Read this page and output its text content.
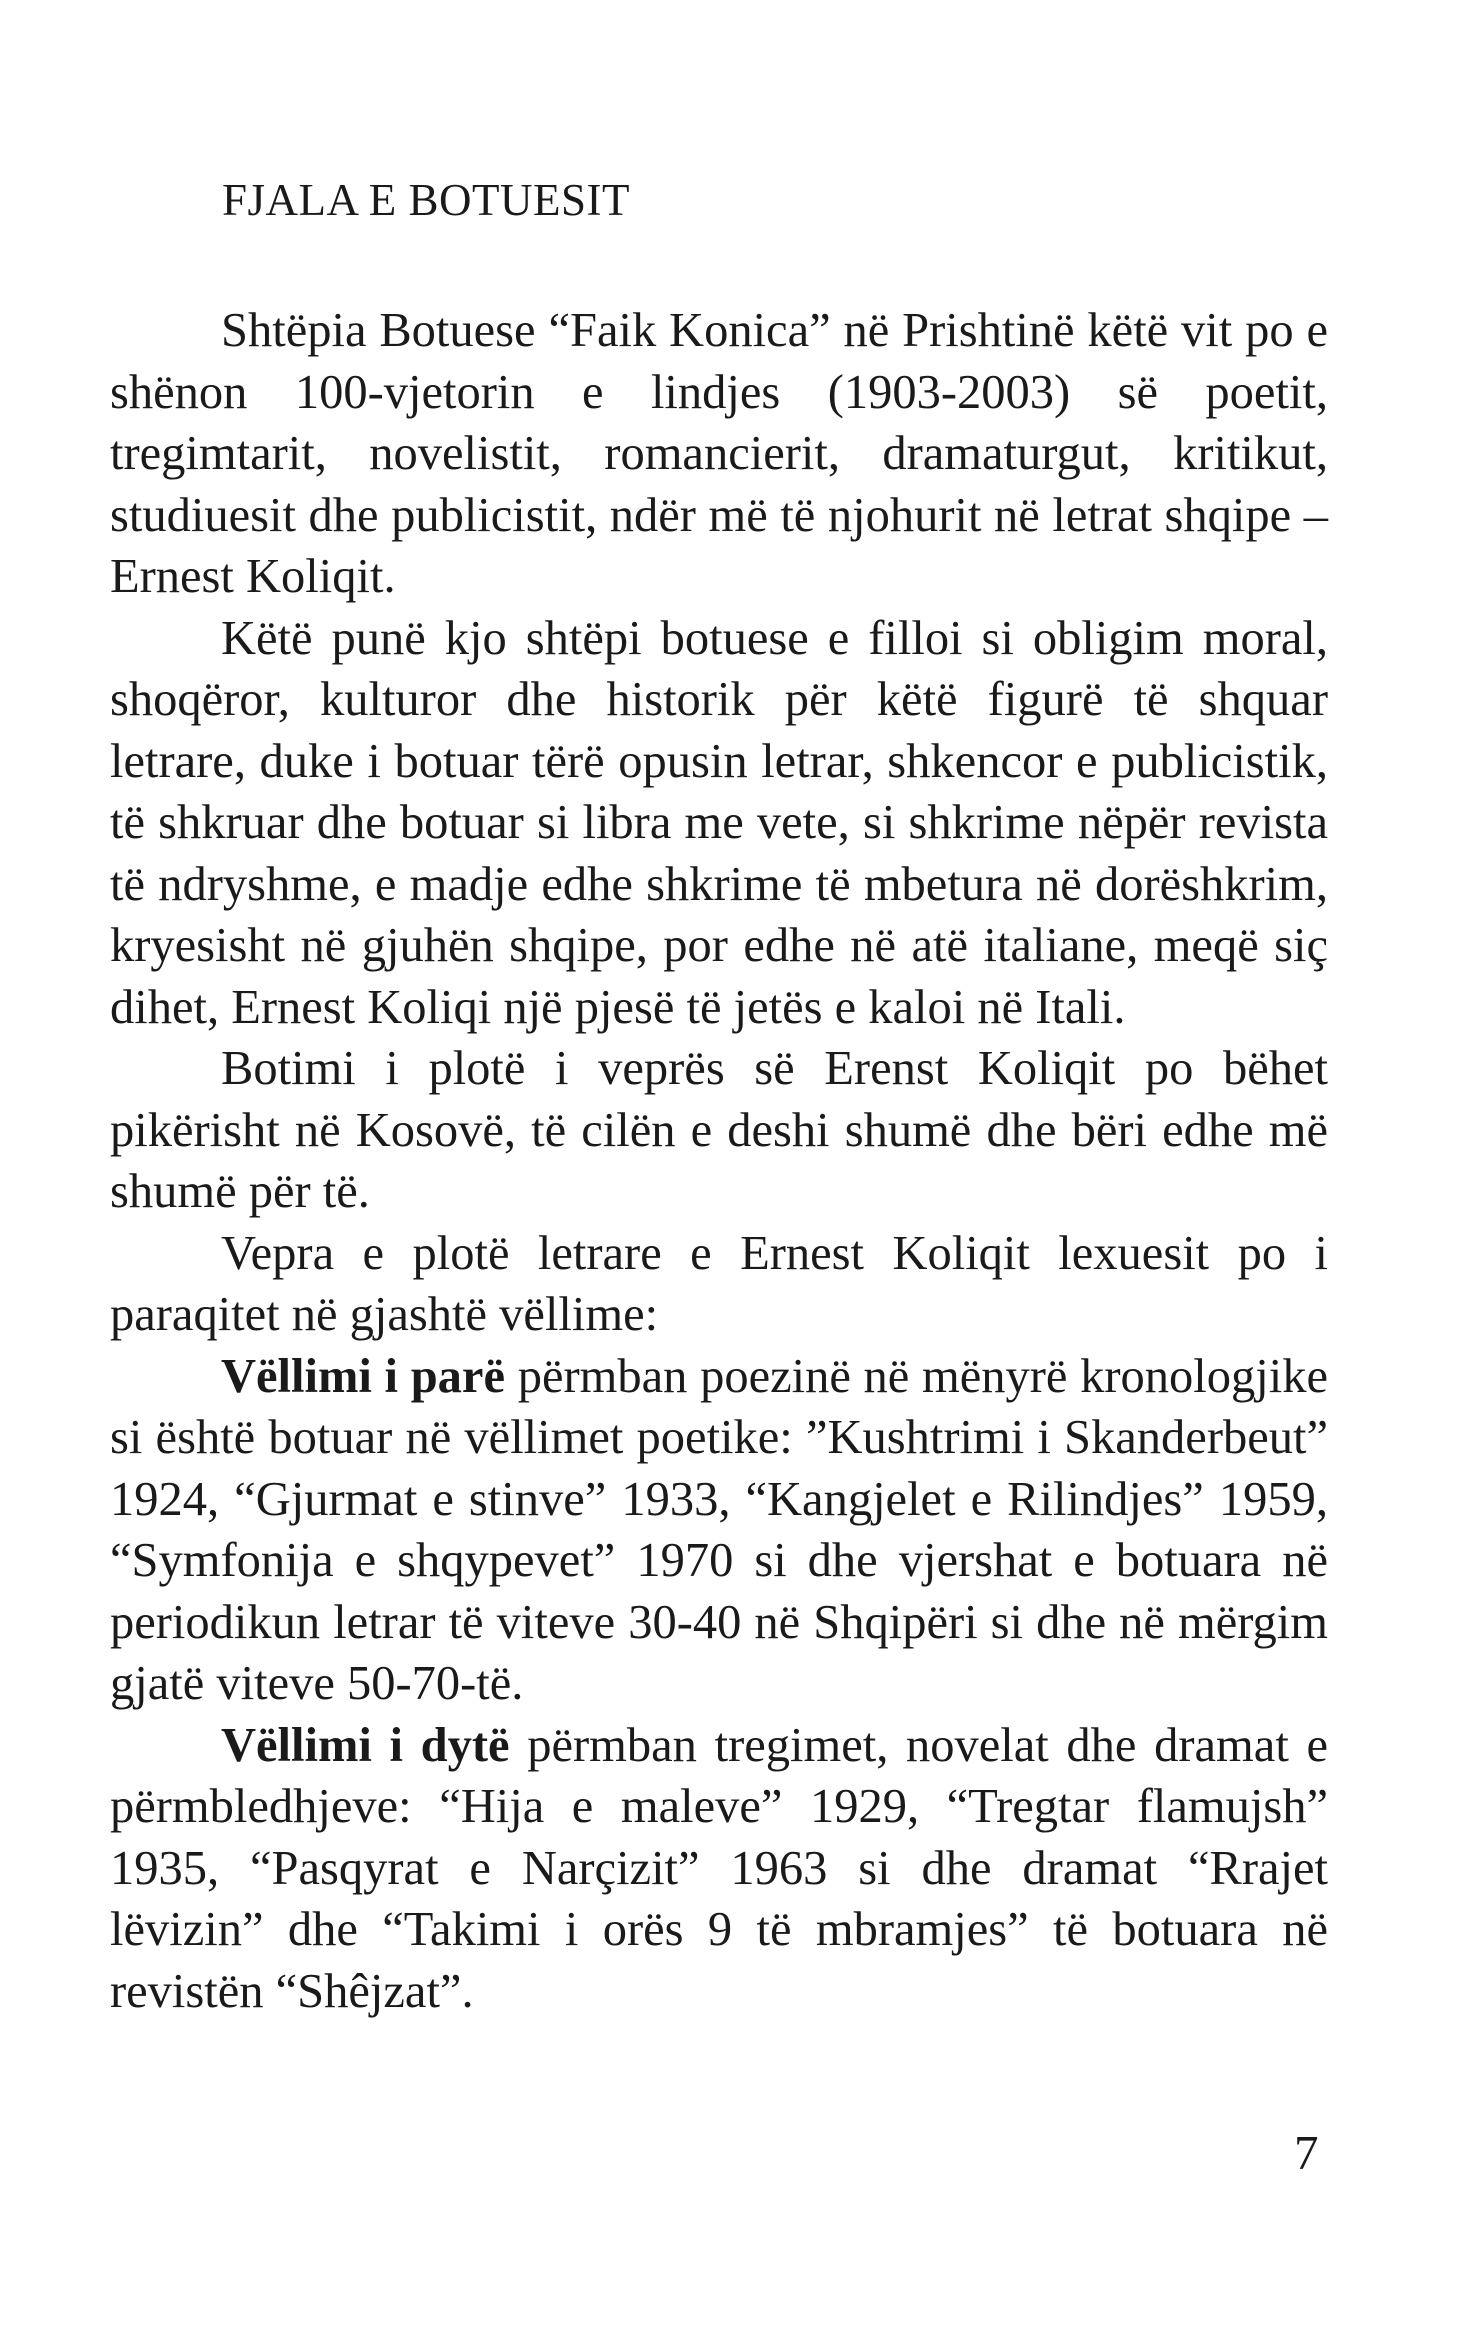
FJALA E BOTUESIT

Shtëpia Botuese “Faik Konica” në Prishtinë këtë vit po e shënon 100-vjetorin e lindjes (1903-2003) së poetit, tregimtarit, novelistit, romancierit, dramaturgut, kritikut, studiuesit dhe publicistit, ndër më të njohurit në letrat shqipe – Ernest Koliqit.

Këtë punë kjo shtëpi botuese e filloi si obligim moral, shoqëror, kulturor dhe historik për këtë figurë të shquar letrare, duke i botuar tërë opusin letrar, shkencor e publicistik, të shkruar dhe botuar si libra me vete, si shkrime nëpër revista të ndryshme, e madje edhe shkrime të mbetura në dorëshkrim, kryesisht në gjuhën shqipe, por edhe në atë italiane, meqë siç dihet, Ernest Koliqi një pjesë të jetës e kaloi në Itali.

Botimi i plotë i veprës së Erenst Koliqit po bëhet pikërisht në Kosovë, të cilën e deshi shumë dhe bëri edhe më shumë për të.

Vepra e plotë letrare e Ernest Koliqit lexuesit po i paraqitet në gjashtë vëllime:

Vëllimi i parë përmban poezinë në mënyrë kronologjike si është botuar në vëllimet poetike: ”Kushtrimi i Skanderbeut” 1924, “Gjurmat e stinve” 1933, “Kangjelet e Rilindjes” 1959, “Symfonija e shqypevet” 1970 si dhe vjershat e botuara në periodikun letrar të viteve 30-40 në Shqipëri si dhe në mërgim gjatë viteve 50-70-të.

Vëllimi i dytë përmban tregimet, novelat dhe dramat e përmbledhjeve: “Hija e maleve” 1929, “Tregtar flamujsh” 1935, “Pasqyrat e Narçizit” 1963 si dhe dramat “Rrajet lëvizin” dhe “Takimi i orës 9 të mbramjes” të botuara në revistën “Shêjzat”.

7
